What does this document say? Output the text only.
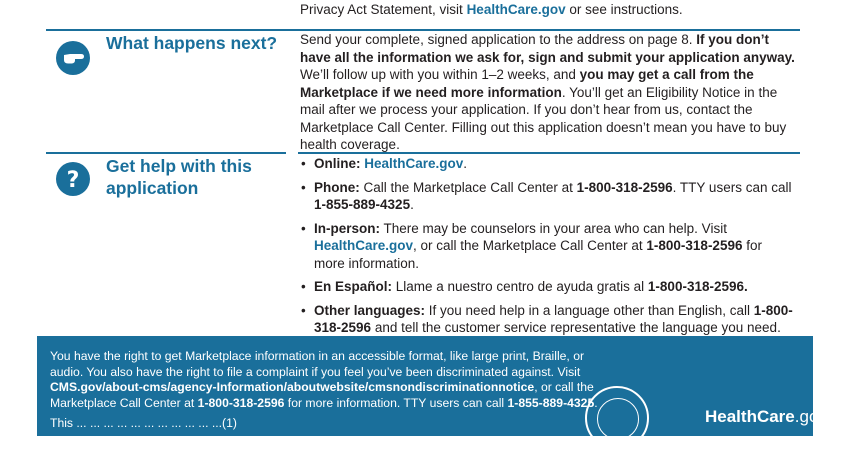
Privacy Act Statement, visit HealthCare.gov or see instructions.
What happens next?	Send your complete, signed application to the address on page 8. If you don’t have all the information we ask for, sign and submit your application anyway. We’ll follow up with you within 1–2 weeks, and you may get a call from the Marketplace if we need more information. You’ll get an Eligibility Notice in the mail after we process your application. If you don’t hear from us, contact the Marketplace Call Center. Filling out this application doesn’t mean you have to buy health coverage.
?
Get help with this application
• Online: HealthCare.gov.
• Phone: Call the Marketplace Call Center at 1-800-318-2596. TTY users can call 1-855-889-4325.
• In-person: There may be counselors in your area who can help. Visit HealthCare.gov, or call the Marketplace Call Center at 1-800-318-2596 for more information.
• En Español: Llame a nuestro centro de ayuda gratis al 1-800-318-2596.
• Other languages: If you need help in a language other than English, call 1-800-318-2596 and tell the customer service representative the language you need.
You have the right to get Marketplace information in an accessible format, like large print, Braille, or audio. You also have the right to file a complaint if you feel you’ve been discriminated against. Visit CMS.gov/about-cms/agency-Information/aboutwebsite/cmsnondiscriminationnotice, or call the Marketplace Call Center at 1-800-318-2596 for more information. TTY users can call 1-855-889-4325.
This ... ... ... ... ... ... ... ... ... ... ...(1)	HealthCare.gov
